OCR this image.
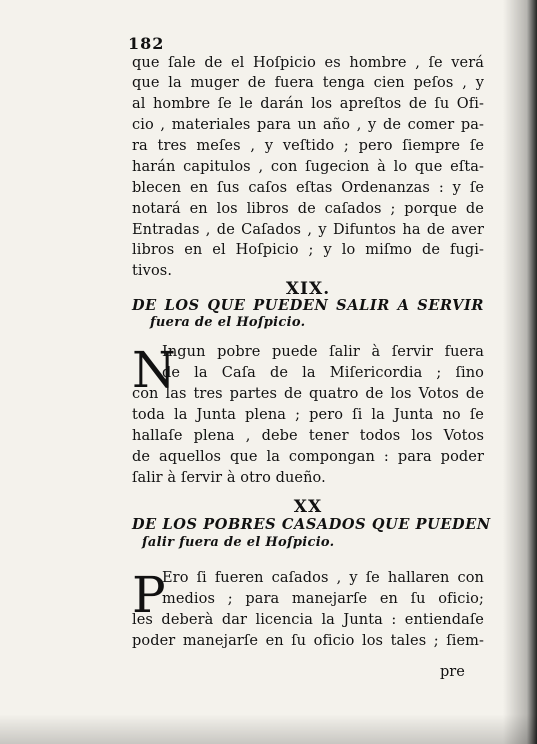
182
que ſale de el Hoſpicio es hombre , ſe verá
que la muger de fuera tenga cien peſos , y
al hombre ſe le darán los apreſtos de ſu Ofi-
cio , materiales para un año , y de comer pa-
ra tres meſes , y veſtido ; pero ſiempre ſe
harán capitulos , con ſugecion à lo que eſta-
blecen en ſus caſos eſtas Ordenanzas : y ſe
notará en los libros de caſados ; porque de
Entradas , de Caſados , y Difuntos ha de aver
libros en el Hoſpicio ; y lo miſmo de fugi-
tivos.
XIX.
DE LOS QUE PUEDEN SALIR A SERVIR
fuera de el Hoſpicio.
N
Ingun pobre puede ſalir à ſervir fuera
de la Caſa de la Miſericordia ; ſino
con las tres partes de quatro de los Votos de
toda la Junta plena ; pero ſi la Junta no ſe
hallaſe plena , debe tener todos los Votos
de aquellos que la compongan : para poder
ſalir à ſervir à otro dueño.
XX
DE LOS POBRES CASADOS QUE PUEDEN
ſalir fuera de el Hoſpicio.
P
Ero ſi fueren caſados , y ſe hallaren con
medios ; para manejarſe en ſu oficio;
les deberà dar licencia la Junta : entiendaſe
poder manejarſe en ſu oficio los tales ; ſiem-
pre
